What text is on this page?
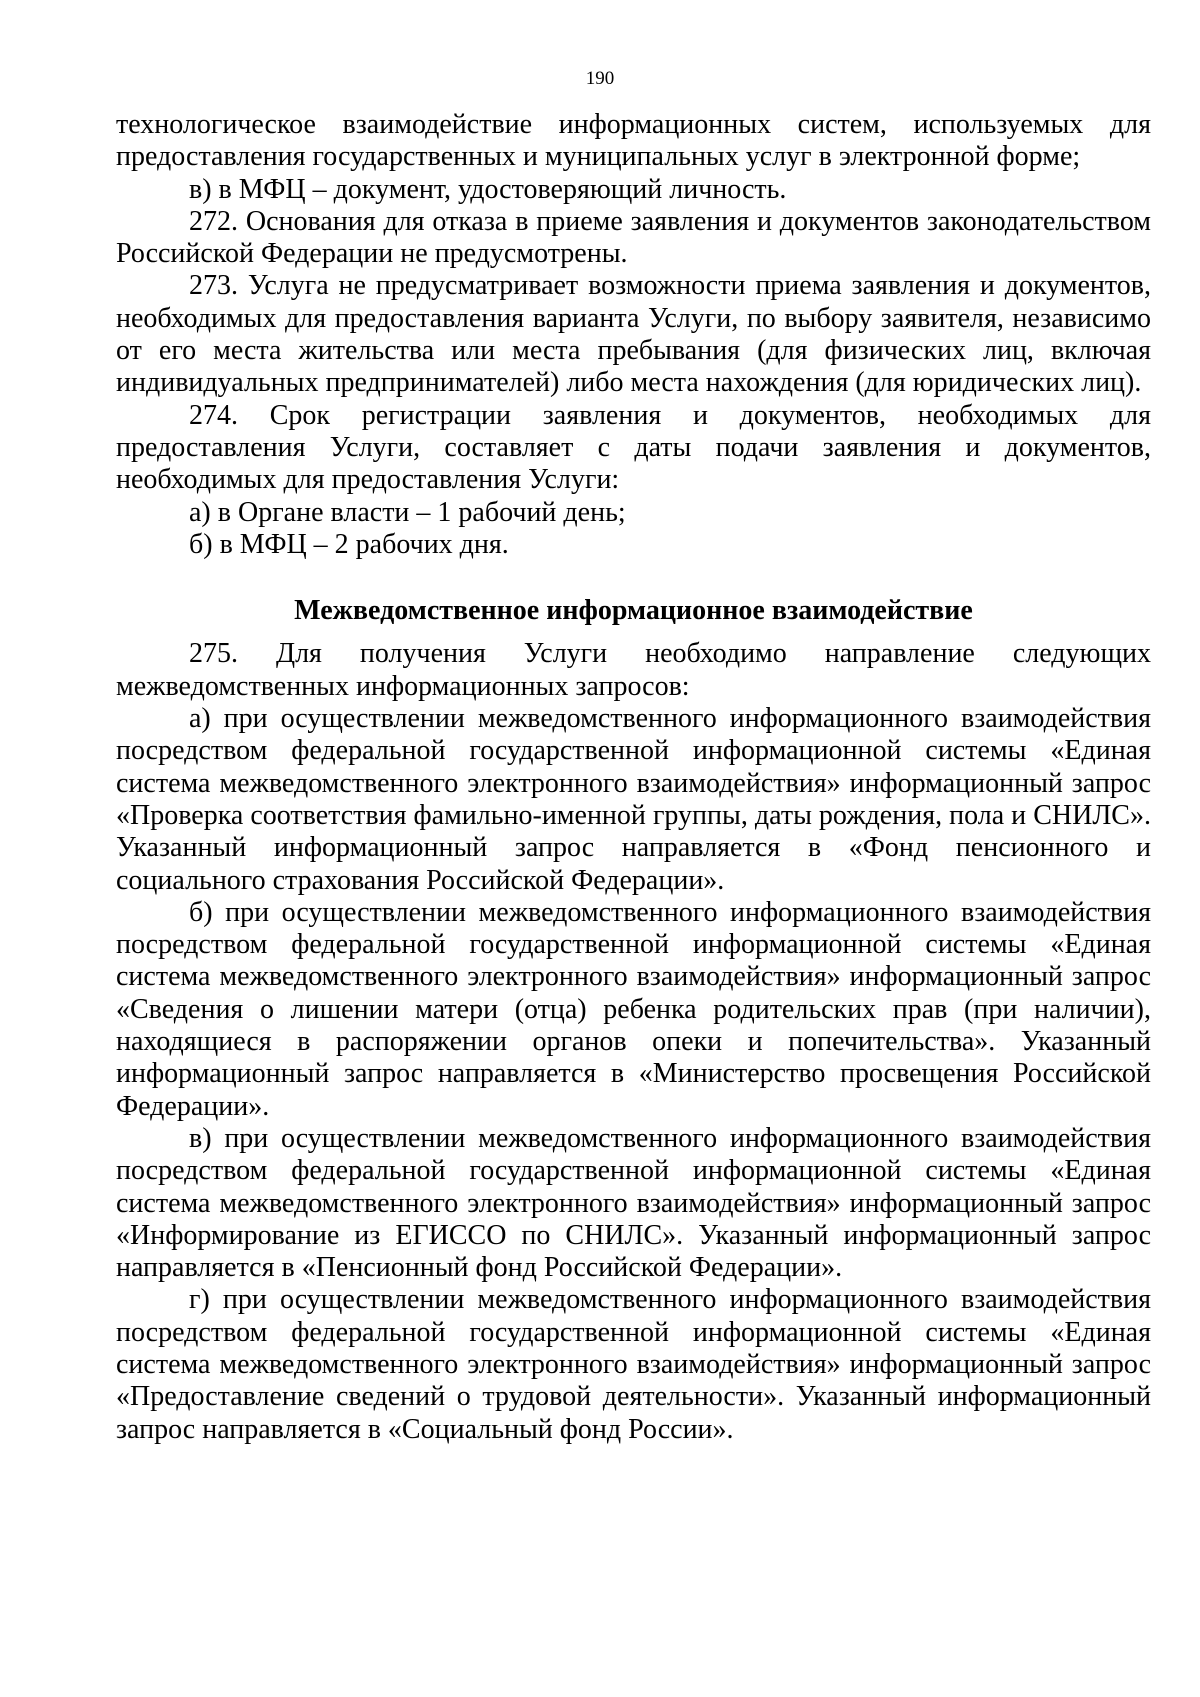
190

технологическое взаимодействие информационных систем, используемых для предоставления государственных и муниципальных услуг в электронной форме;

в) в МФЦ – документ, удостоверяющий личность.

272. Основания для отказа в приеме заявления и документов законодательством Российской Федерации не предусмотрены.

273. Услуга не предусматривает возможности приема заявления и документов, необходимых для предоставления варианта Услуги, по выбору заявителя, независимо от его места жительства или места пребывания (для физических лиц, включая индивидуальных предпринимателей) либо места нахождения (для юридических лиц).

274. Срок регистрации заявления и документов, необходимых для предоставления Услуги, составляет с даты подачи заявления и документов, необходимых для предоставления Услуги:

а) в Органе власти – 1 рабочий день;

б) в МФЦ – 2 рабочих дня.

Межведомственное информационное взаимодействие

275. Для получения Услуги необходимо направление следующих межведомственных информационных запросов:

а) при осуществлении межведомственного информационного взаимодействия посредством федеральной государственной информационной системы «Единая система межведомственного электронного взаимодействия» информационный запрос «Проверка соответствия фамильно-именной группы, даты рождения, пола и СНИЛС». Указанный информационный запрос направляется в «Фонд пенсионного и социального страхования Российской Федерации».

б) при осуществлении межведомственного информационного взаимодействия посредством федеральной государственной информационной системы «Единая система межведомственного электронного взаимодействия» информационный запрос «Сведения о лишении матери (отца) ребенка родительских прав (при наличии), находящиеся в распоряжении органов опеки и попечительства». Указанный информационный запрос направляется в «Министерство просвещения Российской Федерации».

в) при осуществлении межведомственного информационного взаимодействия посредством федеральной государственной информационной системы «Единая система межведомственного электронного взаимодействия» информационный запрос «Информирование из ЕГИССО по СНИЛС». Указанный информационный запрос направляется в «Пенсионный фонд Российской Федерации».

г) при осуществлении межведомственного информационного взаимодействия посредством федеральной государственной информационной системы «Единая система межведомственного электронного взаимодействия» информационный запрос «Предоставление сведений о трудовой деятельности». Указанный информационный запрос направляется в «Социальный фонд России».
